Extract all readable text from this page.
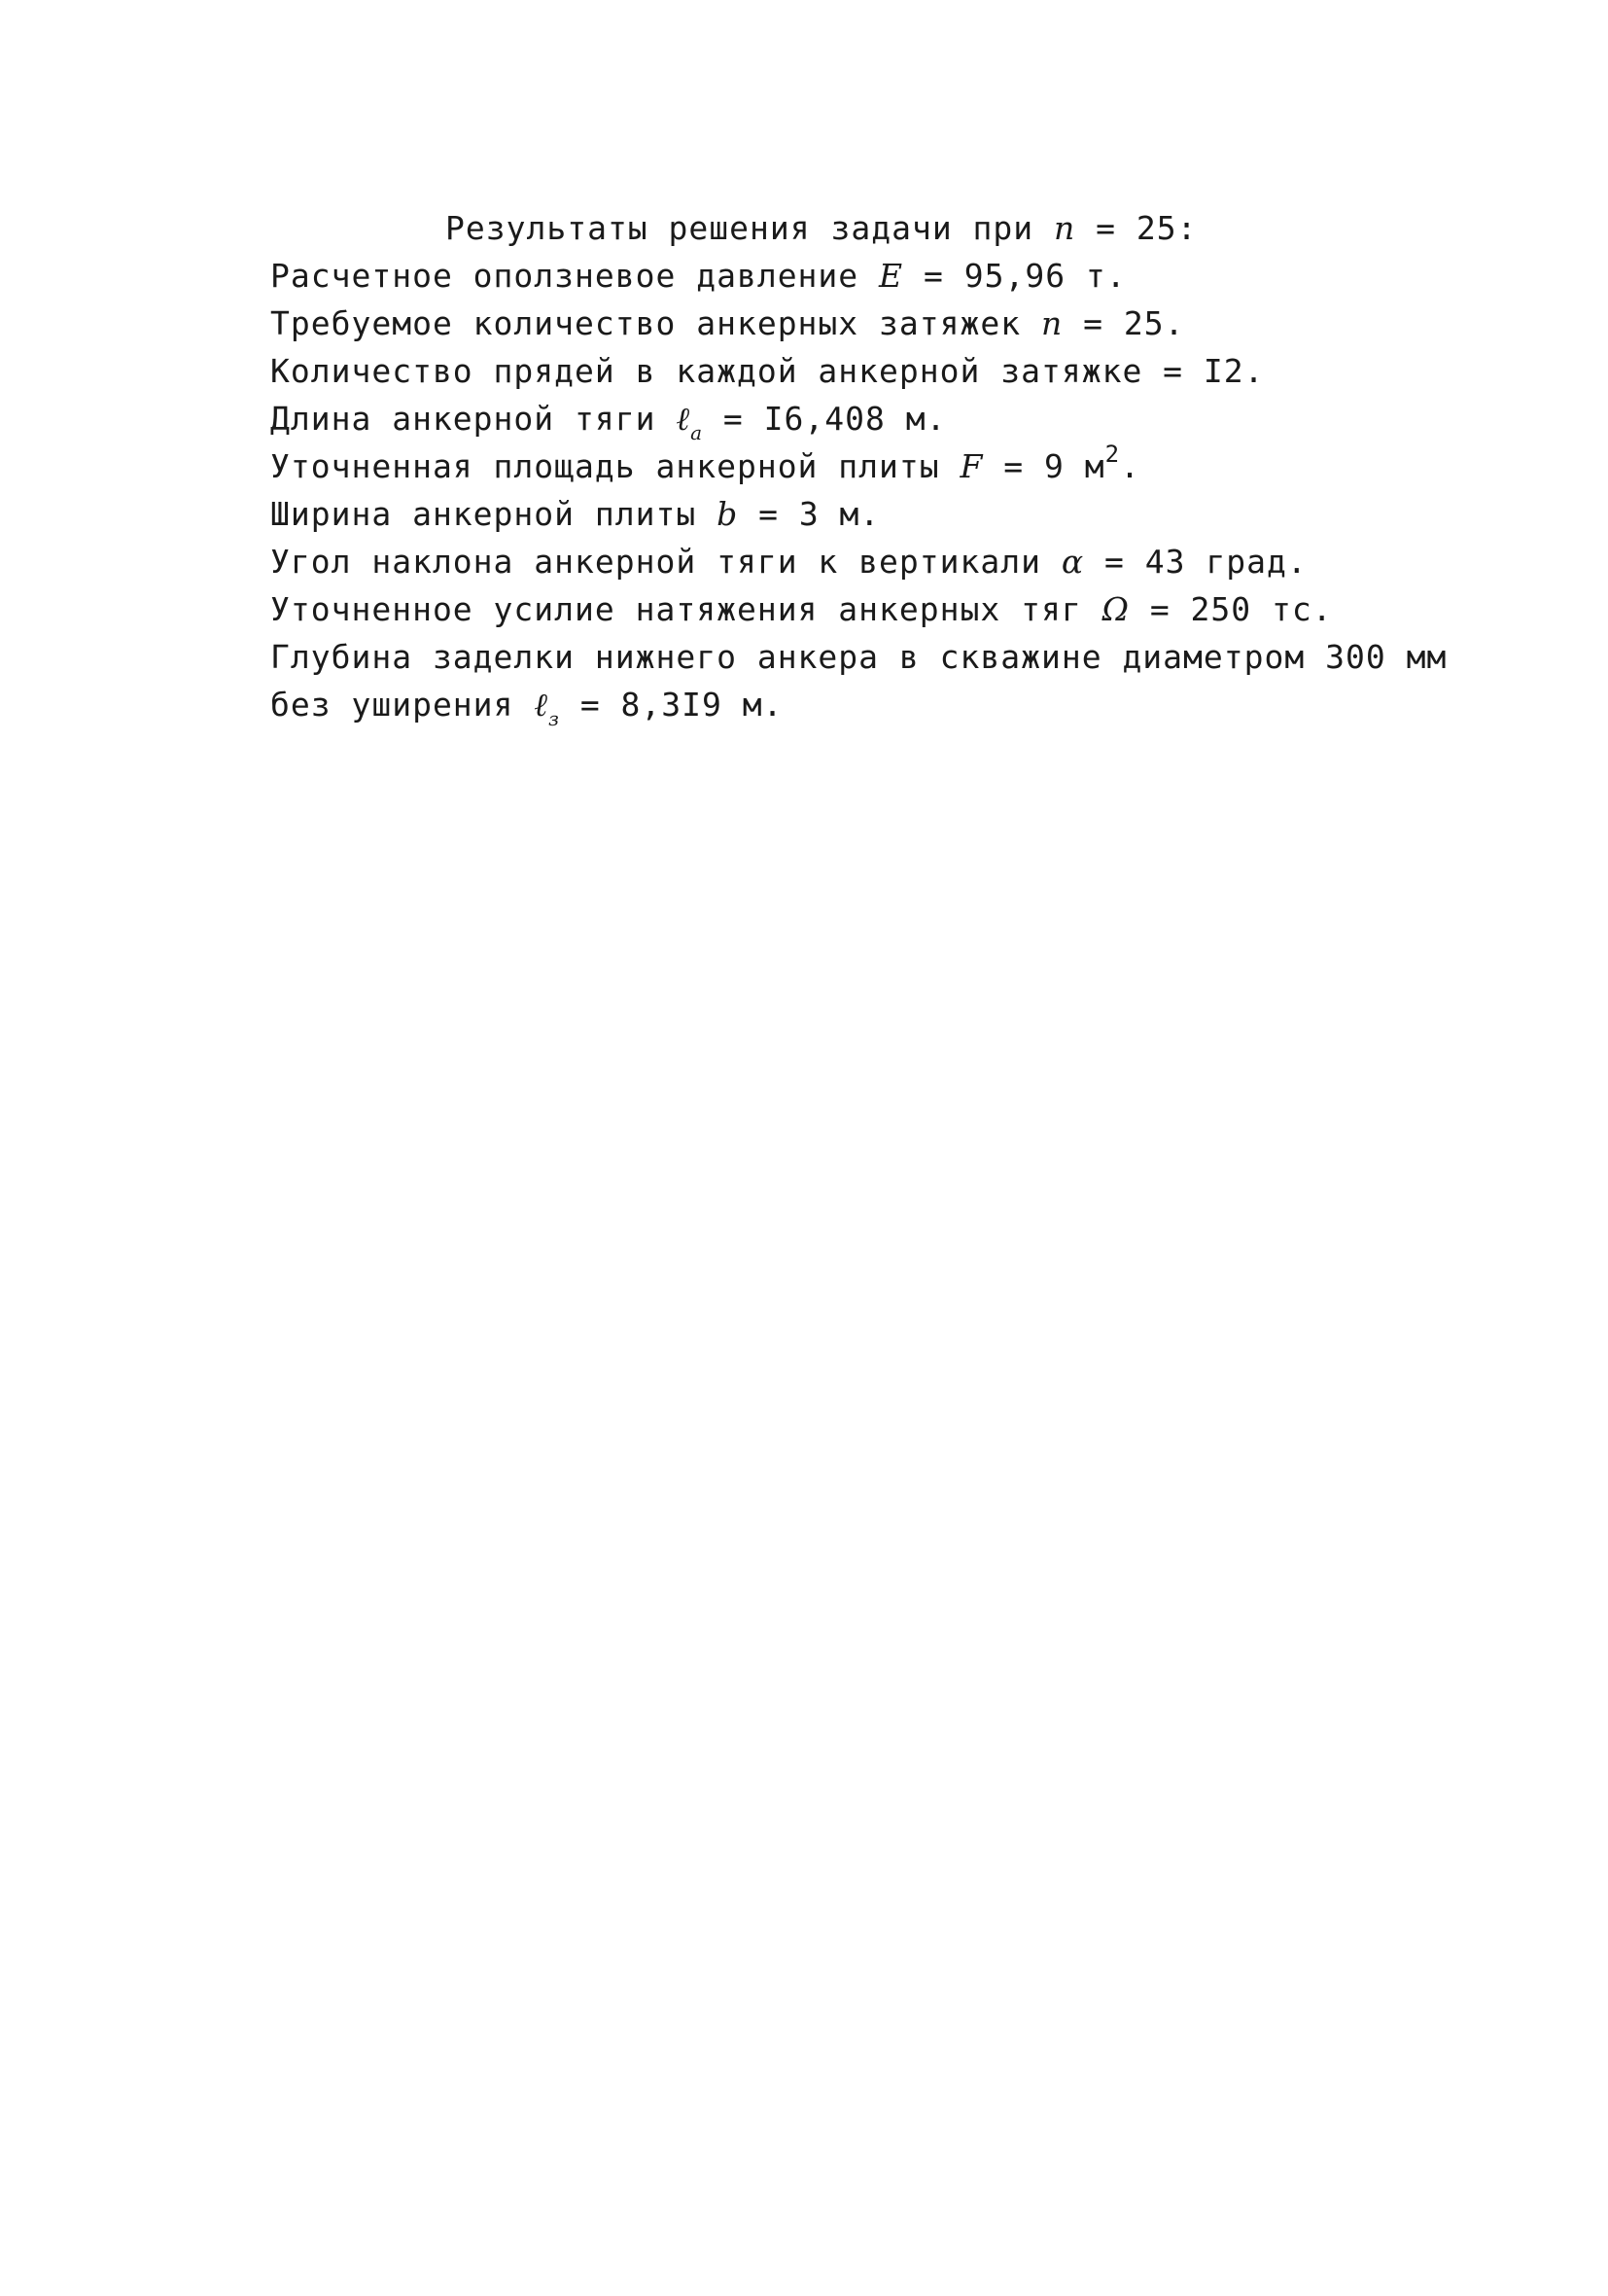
Результаты решения задачи при n = 25:
Расчетное оползневое давление E = 95,96 т.
Требуемое количество анкерных затяжек n = 25.
Количество прядей в каждой анкерной затяжке = I2.
Длина анкерной тяги ℓ$_a$ = I6,408 м.
Уточненная площадь анкерной плиты F = 9 $м^2$.
Ширина анкерной плиты b = 3 м.
Угол наклона анкерной тяги к вертикали α = 43 град.
Уточненное усилие натяжения анкерных тяг Ω = 250 тс.
Глубина заделки нижнего анкера в скважине диаметром 300 мм
без уширения ℓ$_з$ = 8,3I9 м.
